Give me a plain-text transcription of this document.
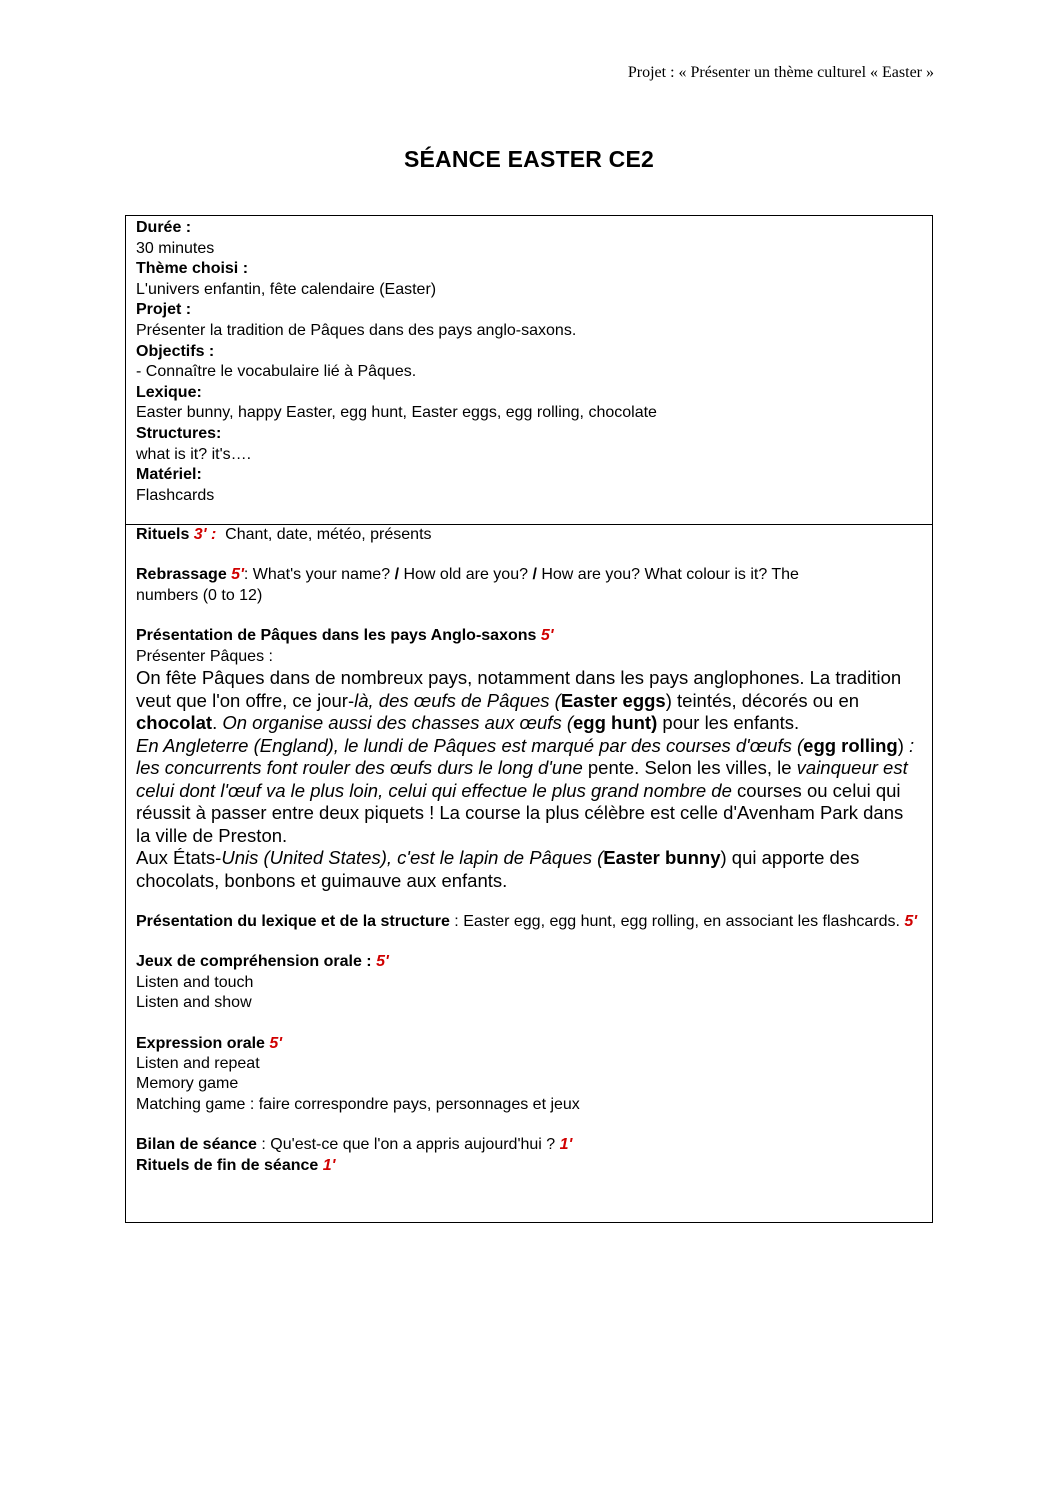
Projet : « Présenter un thème culturel « Easter »
SÉANCE EASTER CE2
Durée :
30 minutes
Thème choisi :
L'univers enfantin, fête calendaire (Easter)
Projet :
Présenter la tradition de Pâques dans des pays anglo-saxons.
Objectifs :
- Connaître le vocabulaire lié à Pâques.
Lexique:
Easter bunny, happy Easter, egg hunt, Easter eggs, egg rolling, chocolate
Structures:
what is it? it's….
Matériel:
Flashcards
Rituels 3' : Chant, date, météo, présents
Rebrassage 5': What's your name? / How old are you? / How are you? What colour is it? The
numbers (0 to 12)
Présentation de Pâques dans les pays Anglo-saxons 5'
Présenter Pâques :
On fête Pâques dans de nombreux pays, notamment dans les pays anglophones. La tradition veut que l'on offre, ce jour-là, des œufs de Pâques (Easter eggs) teintés, décorés ou en chocolat. On organise aussi des chasses aux œufs (egg hunt) pour les enfants.
En Angleterre (England), le lundi de Pâques est marqué par des courses d'œufs (egg rolling) : les concurrents font rouler des œufs durs le long d'une pente. Selon les villes, le vainqueur est celui dont l'œuf va le plus loin, celui qui effectue le plus grand nombre de courses ou celui qui réussit à passer entre deux piquets ! La course la plus célèbre est celle d'Avenham Park dans la ville de Preston.
Aux États-Unis (United States), c'est le lapin de Pâques (Easter bunny) qui apporte des chocolats, bonbons et guimauve aux enfants.
Présentation du lexique et de la structure : Easter egg, egg hunt, egg rolling, en associant les flashcards. 5'
Jeux de compréhension orale : 5'
Listen and touch
Listen and show
Expression orale 5'
Listen and repeat
Memory game
Matching game : faire correspondre pays, personnages et jeux
Bilan de séance : Qu'est-ce que l'on a appris aujourd'hui ? 1'
Rituels de fin de séance 1'
